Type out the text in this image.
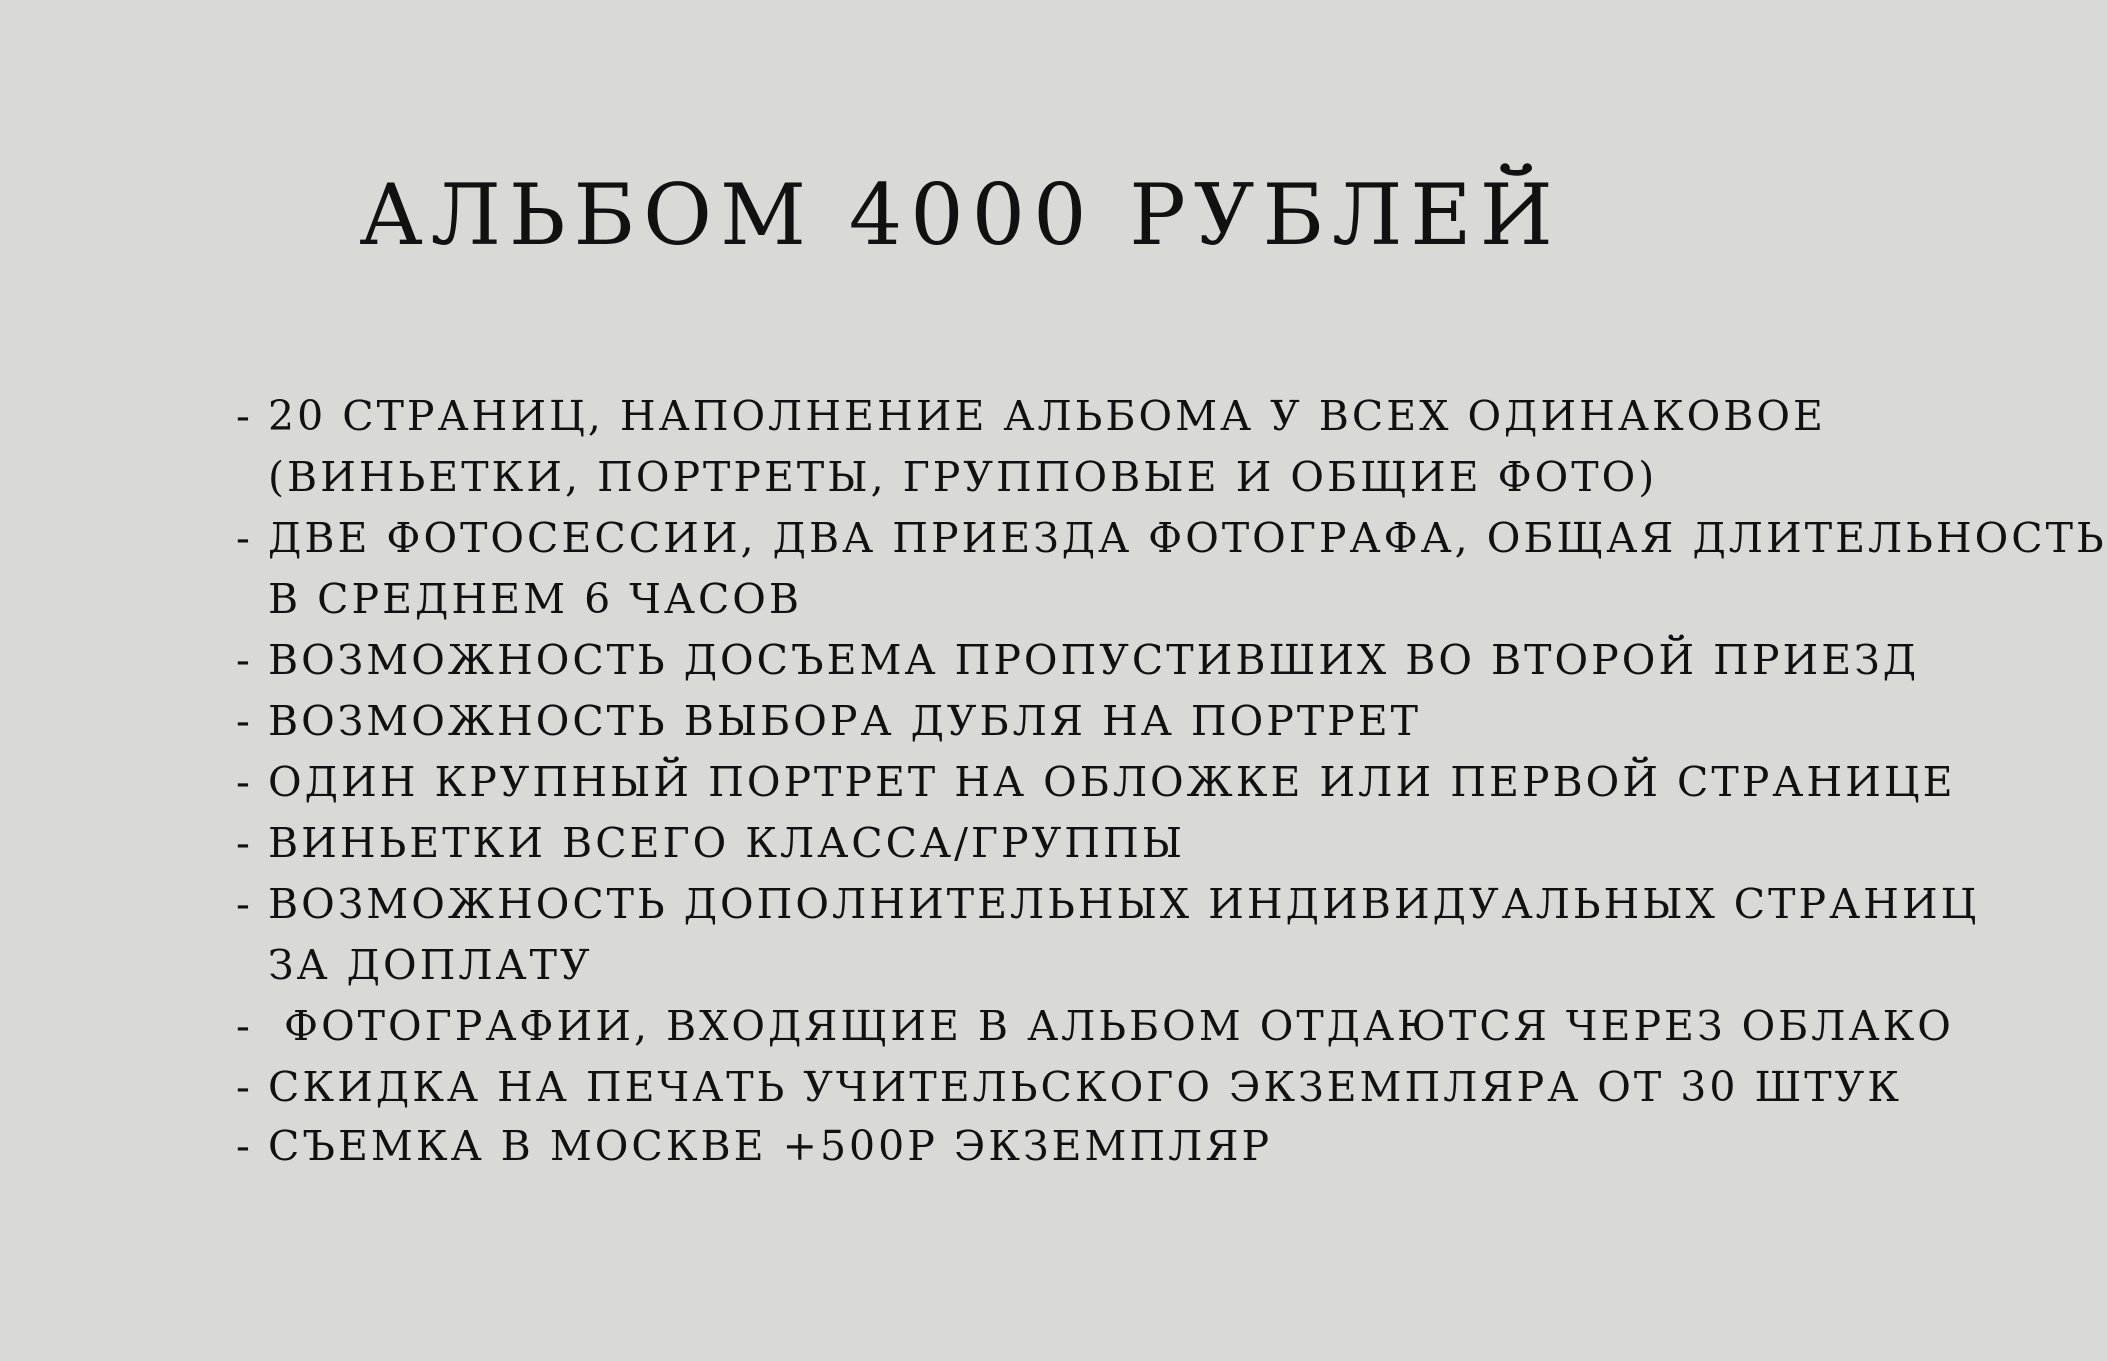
АЛЬБОМ 4000 РУБЛЕЙ
- 20 СТРАНИЦ, НАПОЛНЕНИЕ АЛЬБОМА У ВСЕХ ОДИНАКОВОЕ
(ВИНЬЕТКИ, ПОРТРЕТЫ, ГРУППОВЫЕ И ОБЩИЕ ФОТО)
- ДВЕ ФОТОСЕССИИ, ДВА ПРИЕЗДА ФОТОГРАФА, ОБЩАЯ ДЛИТЕЛЬНОСТЬ
В СРЕДНЕМ 6 ЧАСОВ
- ВОЗМОЖНОСТЬ ДОСЪЕМА ПРОПУСТИВШИХ ВО ВТОРОЙ ПРИЕЗД
- ВОЗМОЖНОСТЬ ВЫБОРА ДУБЛЯ НА ПОРТРЕТ
- ОДИН КРУПНЫЙ ПОРТРЕТ НА ОБЛОЖКЕ ИЛИ ПЕРВОЙ СТРАНИЦЕ
- ВИНЬЕТКИ ВСЕГО КЛАССА/ГРУППЫ
- ВОЗМОЖНОСТЬ ДОПОЛНИТЕЛЬНЫХ ИНДИВИДУАЛЬНЫХ СТРАНИЦ
ЗА ДОПЛАТУ
- ФОТОГРАФИИ, ВХОДЯЩИЕ В АЛЬБОМ ОТДАЮТСЯ ЧЕРЕЗ ОБЛАКО
- СКИДКА НА ПЕЧАТЬ УЧИТЕЛЬСКОГО ЭКЗЕМПЛЯРА ОТ 30 ШТУК
- СЪЕМКА В МОСКВЕ +500Р ЭКЗЕМПЛЯР
